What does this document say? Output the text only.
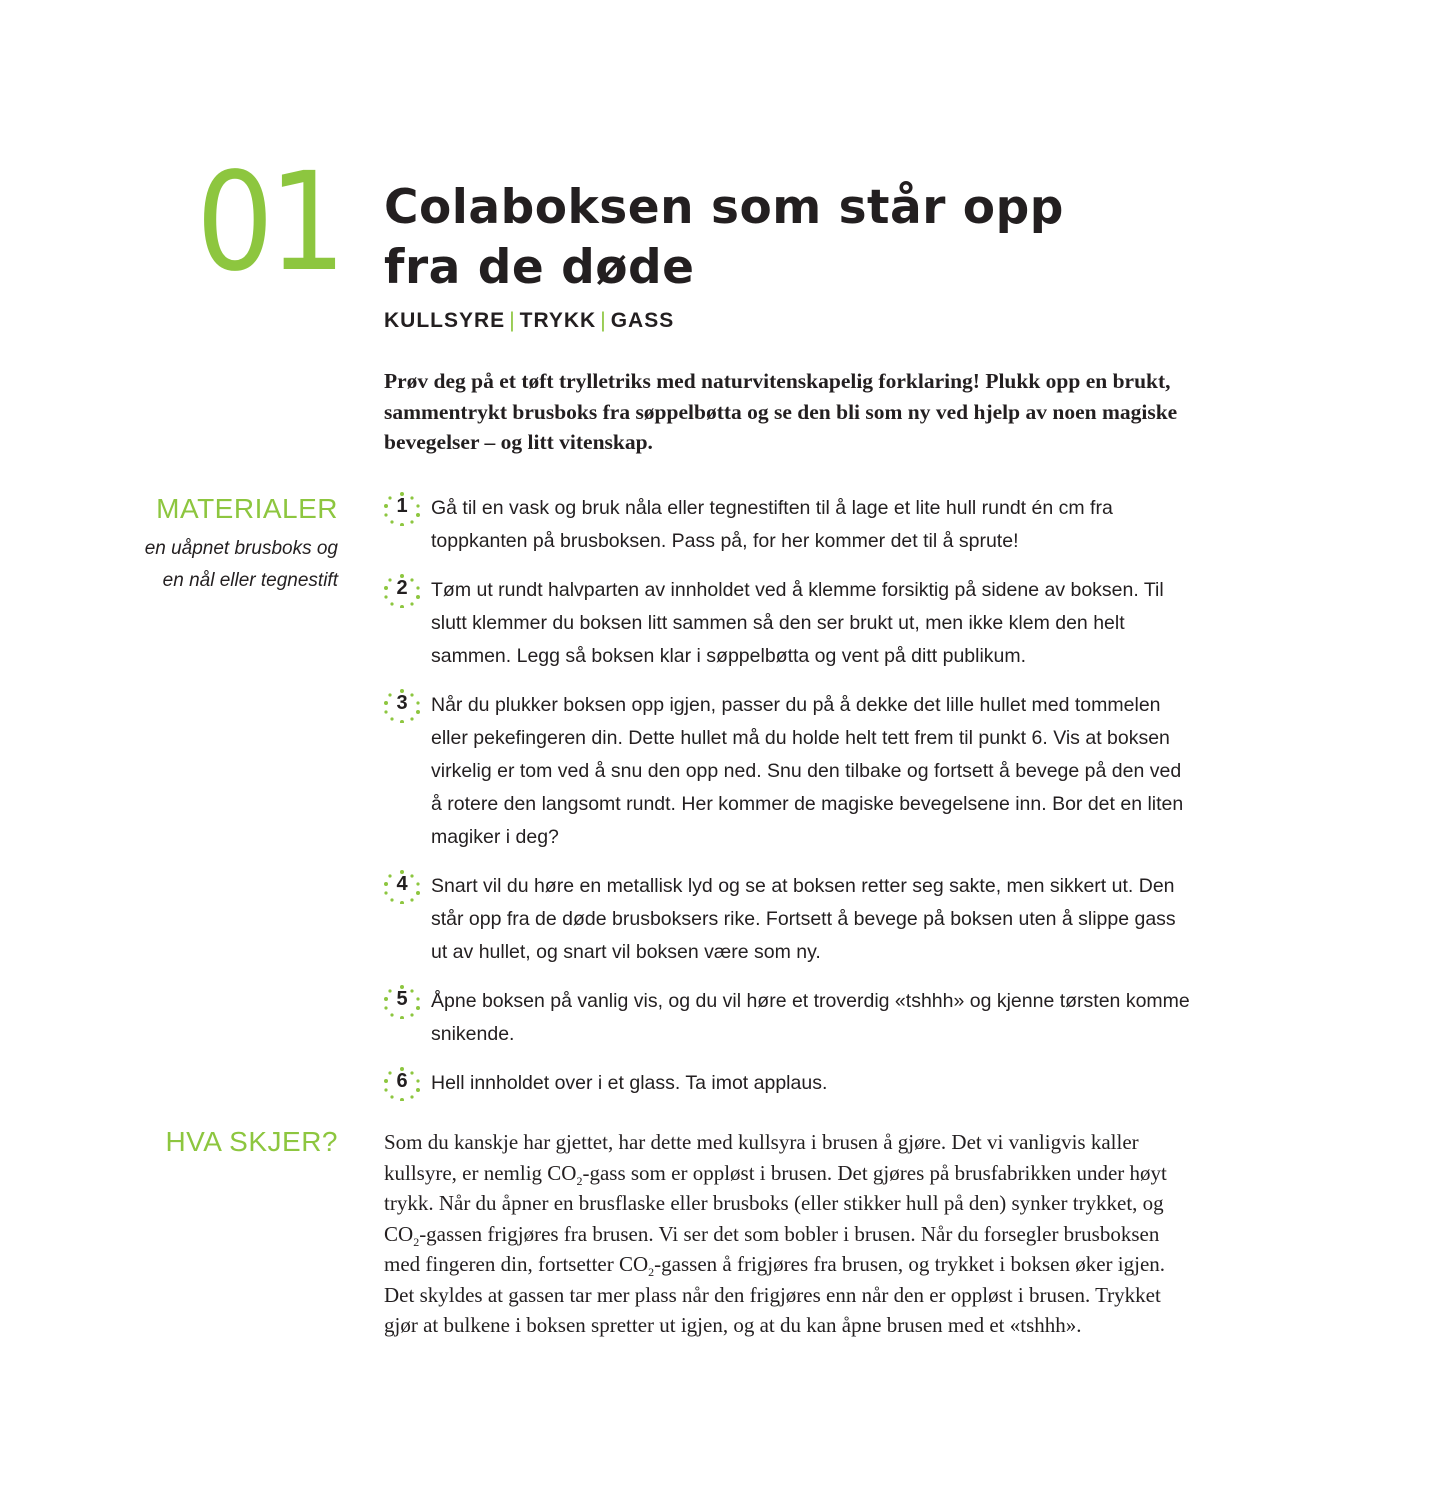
01 Colaboksen som står opp
fra de døde
KULLSYRE | TRYKK | GASS

Prøv deg på et tøft trylletriks med naturvitenskapelig forklaring! Plukk opp en brukt, sammentrykt brusboks fra søppelbøtta og se den bli som ny ved hjelp av noen magiske bevegelser – og litt vitenskap.

MATERIALER
en uåpnet brusboks og
en nål eller tegnestift
1	Gå til en vask og bruk nåla eller tegnestiften til å lage et lite hull rundt én cm fra toppkanten på brusboksen. Pass på, for her kommer det til å sprute!
2	Tøm ut rundt halvparten av innholdet ved å klemme forsiktig på sidene av boksen. Til slutt klemmer du boksen litt sammen så den ser brukt ut, men ikke klem den helt sammen. Legg så boksen klar i søppelbøtta og vent på ditt publikum.
3	Når du plukker boksen opp igjen, passer du på å dekke det lille hullet med tommelen eller pekefingeren din. Dette hullet må du holde helt tett frem til punkt 6. Vis at boksen virkelig er tom ved å snu den opp ned. Snu den tilbake og fortsett å bevege på den ved å rotere den langsomt rundt. Her kommer de magiske bevegelsene inn. Bor det en liten magiker i deg?
4	Snart vil du høre en metallisk lyd og se at boksen retter seg sakte, men sikkert ut. Den står opp fra de døde brusboksers rike. Fortsett å bevege på boksen uten å slippe gass ut av hullet, og snart vil boksen være som ny.
5	Åpne boksen på vanlig vis, og du vil høre et troverdig «tshhh» og kjenne tørsten komme snikende.
6	Hell innholdet over i et glass. Ta imot applaus.
HVA SKJER? Som du kanskje har gjettet, har dette med kullsyra i brusen å gjøre. Det vi vanligvis kaller kullsyre, er nemlig $CO_2$-gass som er oppløst i brusen. Det gjøres på brusfabrikken under høyt trykk. Når du åpner en brusflaske eller brusboks (eller stikker hull på den) synker trykket, og $CO_2$-gassen frigjøres fra brusen. Vi ser det som bobler i brusen. Når du forsegler brusboksen med fingeren din, fortsetter $CO_2$-gassen å frigjøres fra brusen, og trykket i boksen øker igjen. Det skyldes at gassen tar mer plass når den frigjøres enn når den er oppløst i brusen. Trykket gjør at bulkene i boksen spretter ut igjen, og at du kan åpne brusen med et «tshhh».
